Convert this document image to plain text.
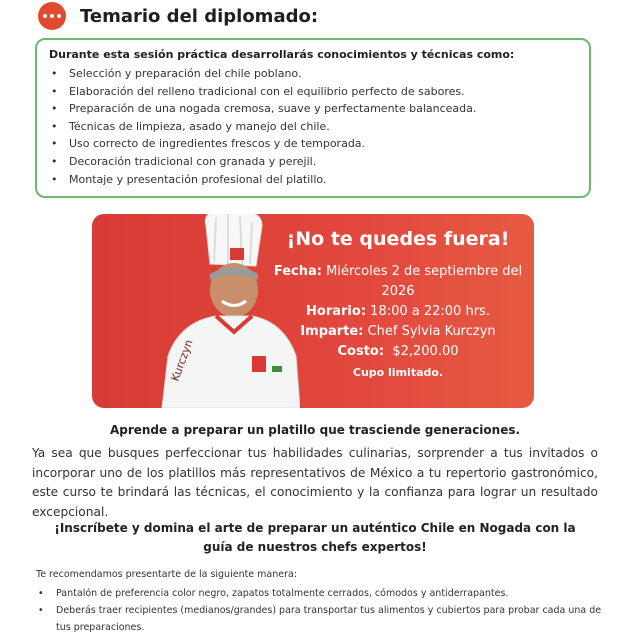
Temario del diplomado:

Durante esta sesión práctica desarrollarás conocimientos y técnicas como:

• Selección y preparación del chile poblano.
• Elaboración del relleno tradicional con el equilibrio perfecto de sabores.
• Preparación de una nogada cremosa, suave y perfectamente balanceada.
• Técnicas de limpieza, asado y manejo del chile.
• Uso correcto de ingredientes frescos y de temporada.
• Decoración tradicional con granada y perejil.
• Montaje y presentación profesional del platillo.
Kurczyn
¡No te quedes fuera!
Fecha: Miércoles 2 de septiembre del 2026
Horario: 18:00 a 22:00 hrs.
Imparte: Chef Sylvia Kurczyn
Costo: $2,200.00
Cupo limitado.
Aprende a preparar un platillo que trasciende generaciones.
Ya sea que busques perfeccionar tus habilidades culinarias, sorprender a tus invitados o incorporar uno de los platillos más representativos de México a tu repertorio gastronómico, este curso te brindará las técnicas, el conocimiento y la confianza para lograr un resultado excepcional.
¡Inscríbete y domina el arte de preparar un auténtico Chile en Nogada con la guía de nuestros chefs expertos!
Te recomendamos presentarte de la siguiente manera:
• Pantalón de preferencia color negro, zapatos totalmente cerrados, cómodos y antiderrapantes.
• Deberás traer recipientes (medianos/grandes) para transportar tus alimentos y cubiertos para probar cada una de tus preparaciones.
